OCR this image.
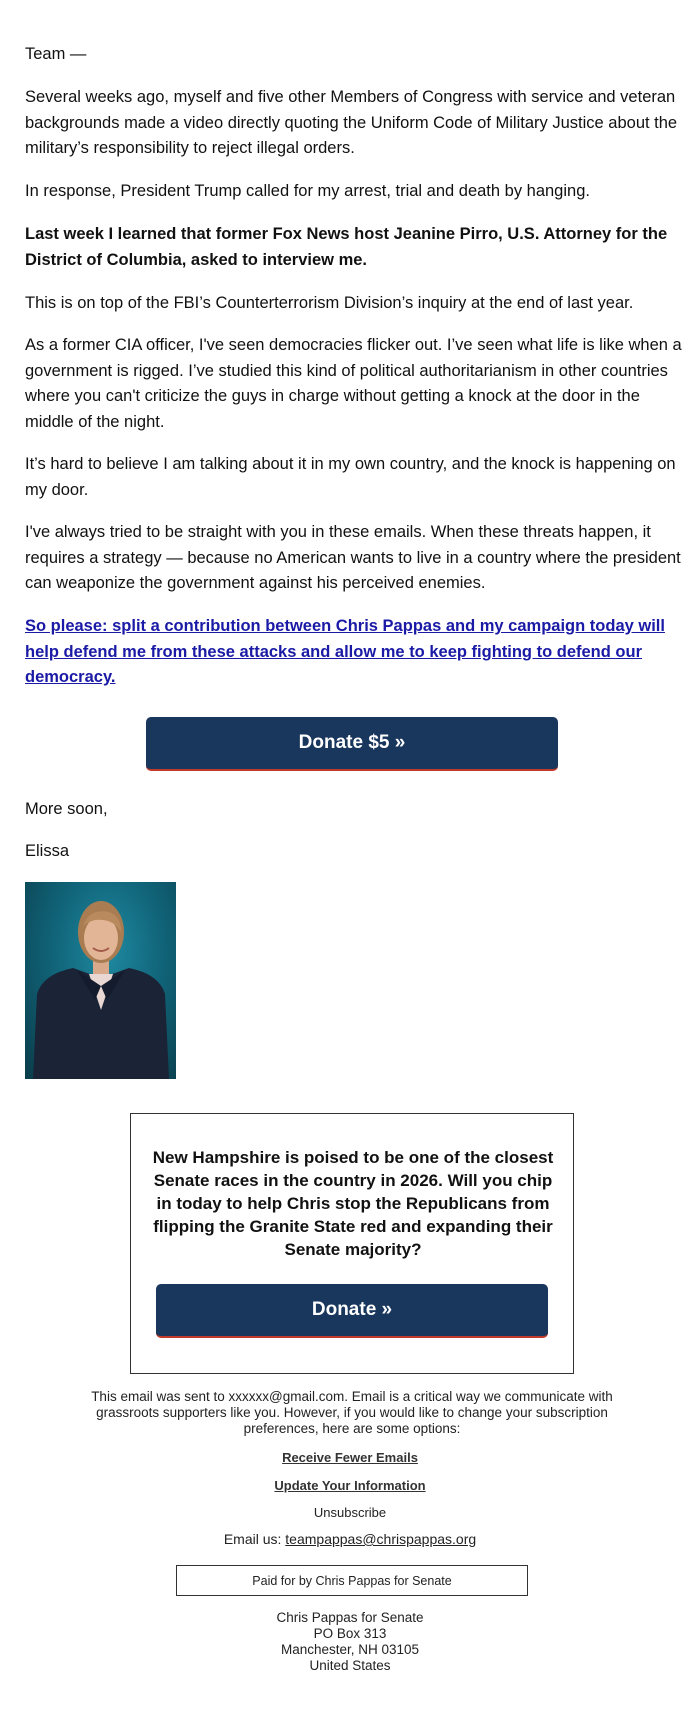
Team —

Several weeks ago, myself and five other Members of Congress with service and veteran backgrounds made a video directly quoting the Uniform Code of Military Justice about the military’s responsibility to reject illegal orders.

In response, President Trump called for my arrest, trial and death by hanging.

Last week I learned that former Fox News host Jeanine Pirro, U.S. Attorney for the District of Columbia, asked to interview me.

This is on top of the FBI’s Counterterrorism Division’s inquiry at the end of last year.

As a former CIA officer, I've seen democracies flicker out. I’ve seen what life is like when a government is rigged. I’ve studied this kind of political authoritarianism in other countries where you can't criticize the guys in charge without getting a knock at the door in the middle of the night.

It’s hard to believe I am talking about it in my own country, and the knock is happening on my door.

I've always tried to be straight with you in these emails. When these threats happen, it requires a strategy — because no American wants to live in a country where the president can weaponize the government against his perceived enemies.

So please: split a contribution between Chris Pappas and my campaign today will help defend me from these attacks and allow me to keep fighting to defend our democracy.

Donate $5 »

More soon,

Elissa

New Hampshire is poised to be one of the closest Senate races in the country in 2026. Will you chip in today to help Chris stop the Republicans from flipping the Granite State red and expanding their Senate majority?

Donate »

This email was sent to xxxxxx@gmail.com. Email is a critical way we communicate with grassroots supporters like you. However, if you would like to change your subscription preferences, here are some options:

Receive Fewer Emails
Update Your Information
Unsubscribe
Email us: teampappas@chrispappas.org
Paid for by Chris Pappas for Senate
Chris Pappas for Senate
PO Box 313
Manchester, NH 03105
United States
